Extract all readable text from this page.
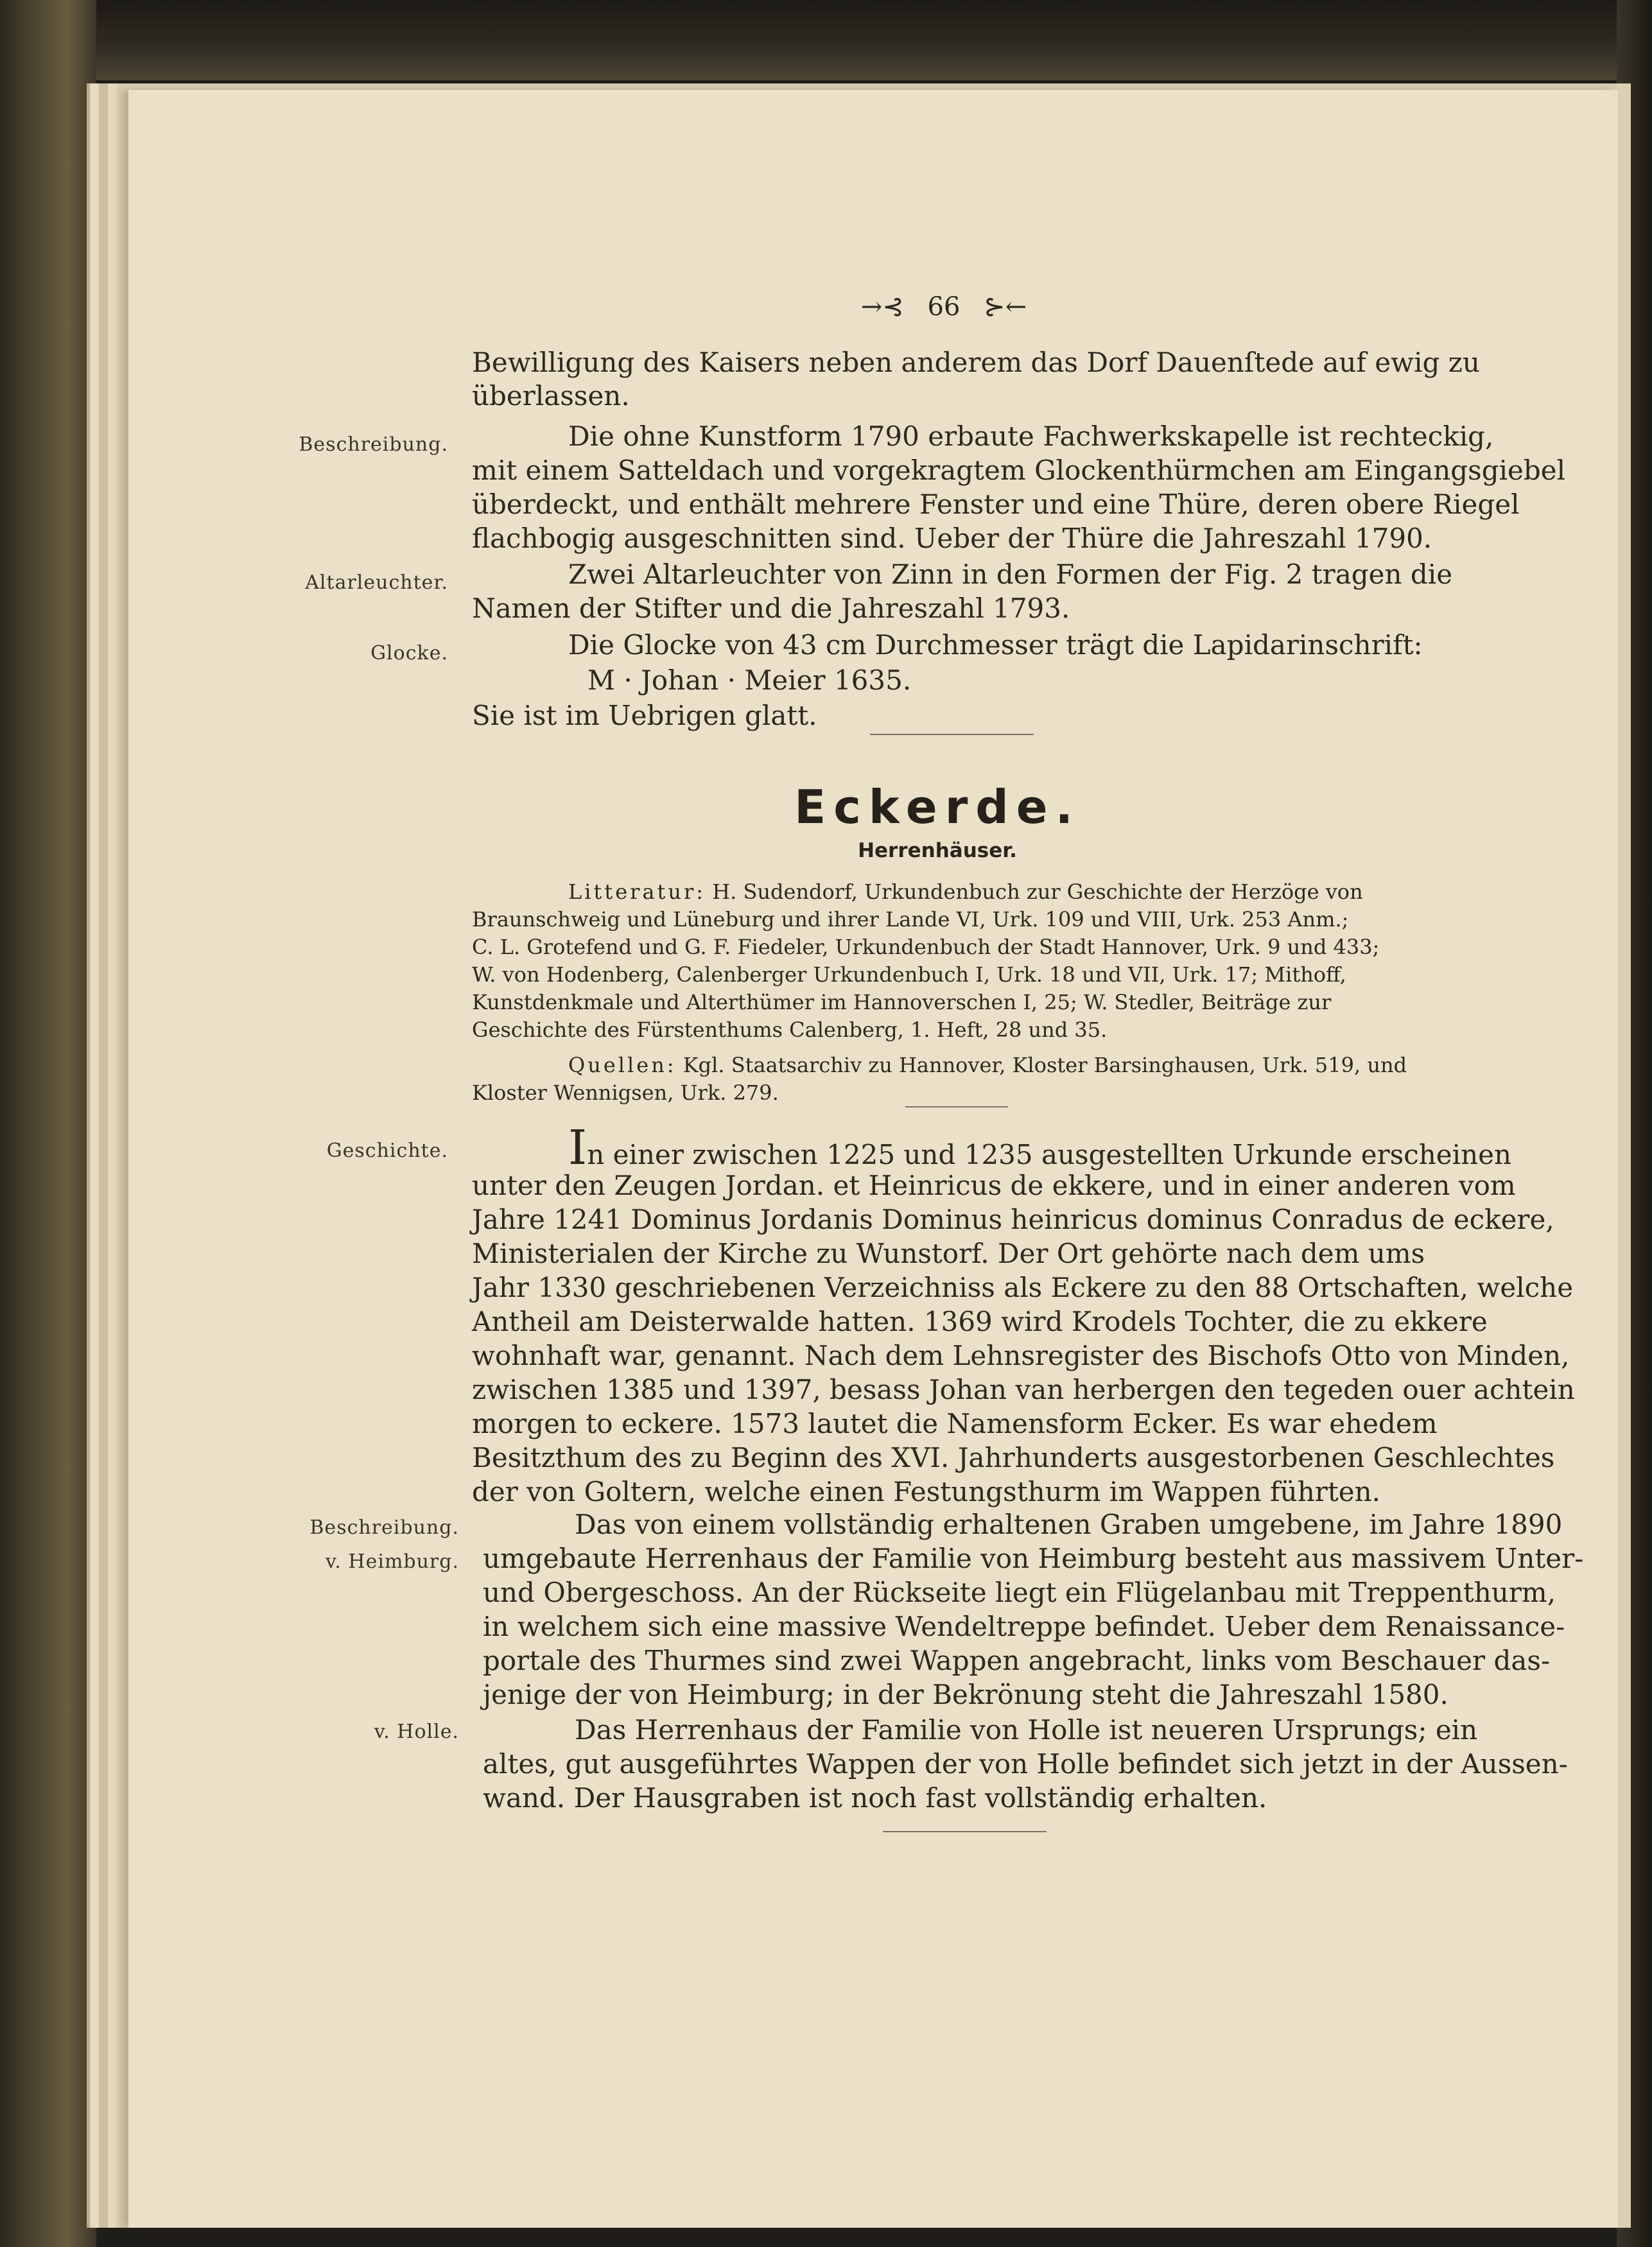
→⊰ 66 ⊱←
Beschreibung.
Altarleuchter.
Glocke.
Geschichte.
Beschreibung.
v. Heimburg.
v. Holle.
Bewilligung des Kaisers neben anderem das Dorf Dauenſtede auf ewig zu
überlassen.
Die ohne Kunstform 1790 erbaute Fachwerkskapelle ist rechteckig,
mit einem Satteldach und vorgekragtem Glockenthürmchen am Eingangsgiebel
überdeckt, und enthält mehrere Fenster und eine Thüre, deren obere Riegel
flachbogig ausgeschnitten sind. Ueber der Thüre die Jahreszahl 1790.
Zwei Altarleuchter von Zinn in den Formen der Fig. 2 tragen die
Namen der Stifter und die Jahreszahl 1793.
Die Glocke von 43 cm Durchmesser trägt die Lapidarinschrift:
M · Johan · Meier 1635.
Sie ist im Uebrigen glatt.
Eckerde.
Herrenhäuser.
Litteratur: H. Sudendorf, Urkundenbuch zur Geschichte der Herzöge von
Braunschweig und Lüneburg und ihrer Lande VI, Urk. 109 und VIII, Urk. 253 Anm.;
C. L. Grotefend und G. F. Fiedeler, Urkundenbuch der Stadt Hannover, Urk. 9 und 433;
W. von Hodenberg, Calenberger Urkundenbuch I, Urk. 18 und VII, Urk. 17; Mithoff,
Kunstdenkmale und Alterthümer im Hannoverschen I, 25; W. Stedler, Beiträge zur
Geschichte des Fürstenthums Calenberg, 1. Heft, 28 und 35.
Quellen: Kgl. Staatsarchiv zu Hannover, Kloster Barsinghausen, Urk. 519, und
Kloster Wennigsen, Urk. 279.
In einer zwischen 1225 und 1235 ausgestellten Urkunde erscheinen
unter den Zeugen Jordan. et Heinricus de ekkere, und in einer anderen vom
Jahre 1241 Dominus Jordanis Dominus heinricus dominus Conradus de eckere,
Ministerialen der Kirche zu Wunstorf. Der Ort gehörte nach dem ums
Jahr 1330 geschriebenen Verzeichniss als Eckere zu den 88 Ortschaften, welche
Antheil am Deisterwalde hatten. 1369 wird Krodels Tochter, die zu ekkere
wohnhaft war, genannt. Nach dem Lehnsregister des Bischofs Otto von Minden,
zwischen 1385 und 1397, besass Johan van herbergen den tegeden ouer achtein
morgen to eckere. 1573 lautet die Namensform Ecker. Es war ehedem
Besitzthum des zu Beginn des XVI. Jahrhunderts ausgestorbenen Geschlechtes
der von Goltern, welche einen Festungsthurm im Wappen führten.
Das von einem vollständig erhaltenen Graben umgebene, im Jahre 1890
umgebaute Herrenhaus der Familie von Heimburg besteht aus massivem Unter-
und Obergeschoss. An der Rückseite liegt ein Flügelanbau mit Treppenthurm,
in welchem sich eine massive Wendeltreppe befindet. Ueber dem Renaissance-
portale des Thurmes sind zwei Wappen angebracht, links vom Beschauer das-
jenige der von Heimburg; in der Bekrönung steht die Jahreszahl 1580.
Das Herrenhaus der Familie von Holle ist neueren Ursprungs; ein
altes, gut ausgeführtes Wappen der von Holle befindet sich jetzt in der Aussen-
wand. Der Hausgraben ist noch fast vollständig erhalten.
